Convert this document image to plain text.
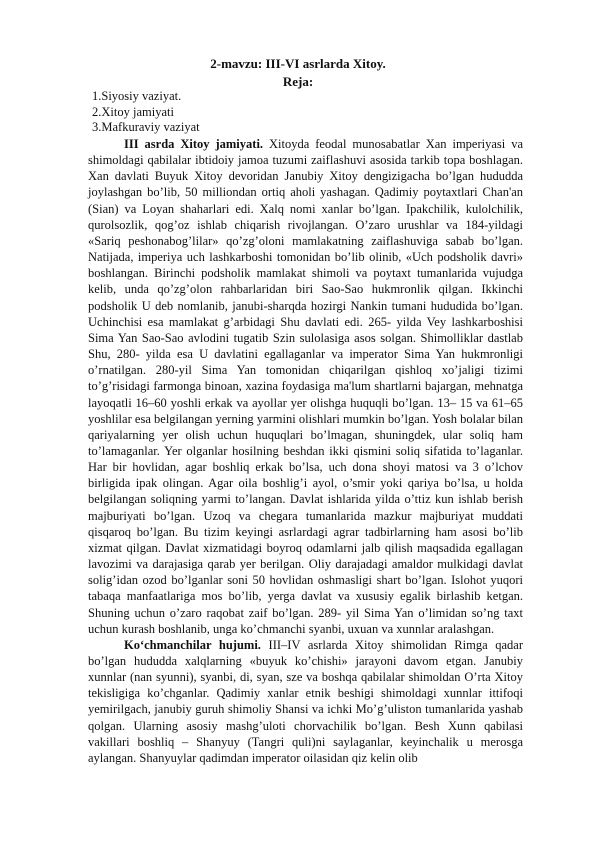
2-mavzu: III-VI asrlarda Xitoy.
Reja:
1.Siyosiy vaziyat.
2.Xitoy jamiyati
3.Mafkuraviy vaziyat

III asrda Xitoy jamiyati. Xitoyda feodal munosabatlar Xan imperiyasi va shimoldagi qabilalar ibtidoiy jamoa tuzumi zaiflashuvi asosida tarkib topa boshlagan. Xan davlati Buyuk Xitoy devoridan Janubiy Xitoy dengizigacha bo’lgan hududda joylashgan bo’lib, 50 milliondan ortiq aholi yashagan. Qadimiy poytaxtlari Chan'an (Sian) va Loyan shaharlari edi. Xalq nomi xanlar bo’lgan. Ipakchilik, kulolchilik, qurolsozlik, qog’oz ishlab chiqarish rivojlangan. O’zaro urushlar va 184-yildagi «Sariq peshonabog’lilar» qo’zg’oloni mamlakatning zaiflashuviga sabab bo’lgan. Natijada, imperiya uch lashkarboshi tomonidan bo’lib olinib, «Uch podsholik davri» boshlangan. Birinchi podsholik mamlakat shimoli va poytaxt tumanlarida vujudga kelib, unda qo’zg’olon rahbarlaridan biri Sao-Sao hukmronlik qilgan. Ikkinchi podsholik U deb nomlanib, janubi-sharqda hozirgi Nankin tumani hududida bo’lgan. Uchinchisi esa mamlakat g’arbidagi Shu davlati edi. 265- yilda Vey lashkarboshisi Sima Yan Sao-Sao avlodini tugatib Szin sulolasiga asos solgan. Shimolliklar dastlab Shu, 280- yilda esa U davlatini egallaganlar va imperator Sima Yan hukmronligi o’rnatilgan. 280-yil Sima Yan tomonidan chiqarilgan qishloq xo’jaligi tizimi to’g’risidagi farmonga binoan, xazina foydasiga ma'lum shartlarni bajargan, mehnatga layoqatli 16–60 yoshli erkak va ayollar yer olishga huquqli bo’lgan. 13– 15 va 61–65 yoshlilar esa belgilangan yerning yarmini olishlari mumkin bo’lgan. Yosh bolalar bilan qariyalarning yer olish uchun huquqlari bo’lmagan, shuningdek, ular soliq ham to’lamaganlar. Yer olganlar hosilning beshdan ikki qismini soliq sifatida to’laganlar. Har bir hovlidan, agar boshliq erkak bo’lsa, uch dona shoyi matosi va 3 o’lchov birligida ipak olingan. Agar oila boshlig’i ayol, o’smir yoki qariya bo’lsa, u holda belgilangan soliqning yarmi to’langan. Davlat ishlarida yilda o’ttiz kun ishlab berish majburiyati bo’lgan. Uzoq va chegara tumanlarida mazkur majburiyat muddati qisqaroq bo’lgan. Bu tizim keyingi asrlardagi agrar tadbirlarning ham asosi bo’lib xizmat qilgan. Davlat xizmatidagi boyroq odamlarni jalb qilish maqsadida egallagan lavozimi va darajasiga qarab yer berilgan. Oliy darajadagi amaldor mulkidagi davlat solig’idan ozod bo’lganlar soni 50 hovlidan oshmasligi shart bo’lgan. Islohot yuqori tabaqa manfaatlariga mos bo’lib, yerga davlat va xususiy egalik birlashib ketgan. Shuning uchun o’zaro raqobat zaif bo’lgan. 289- yil Sima Yan o’limidan so’ng taxt uchun kurash boshlanib, unga ko’chmanchi syanbi, uxuan va xunnlar aralashgan.

Ko‘chmanchilar hujumi. III–IV asrlarda Xitoy shimolidan Rimga qadar bo’lgan hududda xalqlarning «buyuk ko’chishi» jarayoni davom etgan. Janubiy xunnlar (nan syunni), syanbi, di, syan, sze va boshqa qabilalar shimoldan O’rta Xitoy tekisligiga ko’chganlar. Qadimiy xanlar etnik beshigi shimoldagi xunnlar ittifoqi yemirilgach, janubiy guruh shimoliy Shansi va ichki Mo’g’uliston tumanlarida yashab qolgan. Ularning asosiy mashg’uloti chorvachilik bo’lgan. Besh Xunn qabilasi vakillari boshliq – Shanyuy (Tangri quli)ni saylaganlar, keyinchalik u merosga aylangan. Shanyuylar qadimdan imperator oilasidan qiz kelin olib
